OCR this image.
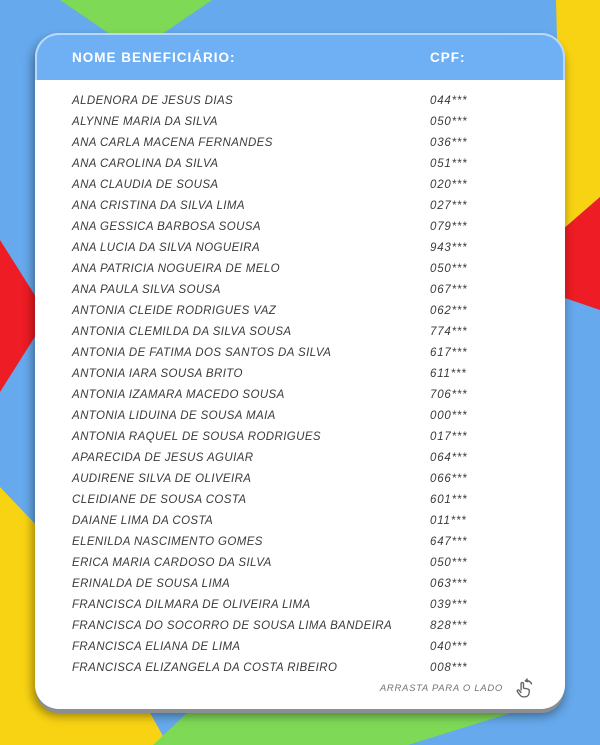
NOME BENEFICIÁRIO:	CPF:
ALDENORA DE JESUS DIAS	044***
ALYNNE MARIA DA SILVA	050***
ANA CARLA MACENA FERNANDES	036***
ANA CAROLINA DA SILVA	051***
ANA CLAUDIA DE SOUSA	020***
ANA CRISTINA DA SILVA LIMA	027***
ANA GESSICA BARBOSA SOUSA	079***
ANA LUCIA DA SILVA NOGUEIRA	943***
ANA PATRICIA NOGUEIRA DE MELO	050***
ANA PAULA SILVA SOUSA	067***
ANTONIA CLEIDE RODRIGUES VAZ	062***
ANTONIA CLEMILDA DA SILVA SOUSA	774***
ANTONIA DE FATIMA DOS SANTOS DA SILVA	617***
ANTONIA IARA SOUSA BRITO	611***
ANTONIA IZAMARA MACEDO SOUSA	706***
ANTONIA LIDUINA DE SOUSA MAIA	000***
ANTONIA RAQUEL DE SOUSA RODRIGUES	017***
APARECIDA DE JESUS AGUIAR	064***
AUDIRENE SILVA DE OLIVEIRA	066***
CLEIDIANE DE SOUSA COSTA	601***
DAIANE LIMA DA COSTA	011***
ELENILDA NASCIMENTO GOMES	647***
ERICA MARIA CARDOSO DA SILVA	050***
ERINALDA DE SOUSA LIMA	063***
FRANCISCA DILMARA DE OLIVEIRA LIMA	039***
FRANCISCA DO SOCORRO DE SOUSA LIMA BANDEIRA	828***
FRANCISCA ELIANA DE LIMA	040***
FRANCISCA ELIZANGELA DA COSTA RIBEIRO	008***
ARRASTA PARA O LADO
